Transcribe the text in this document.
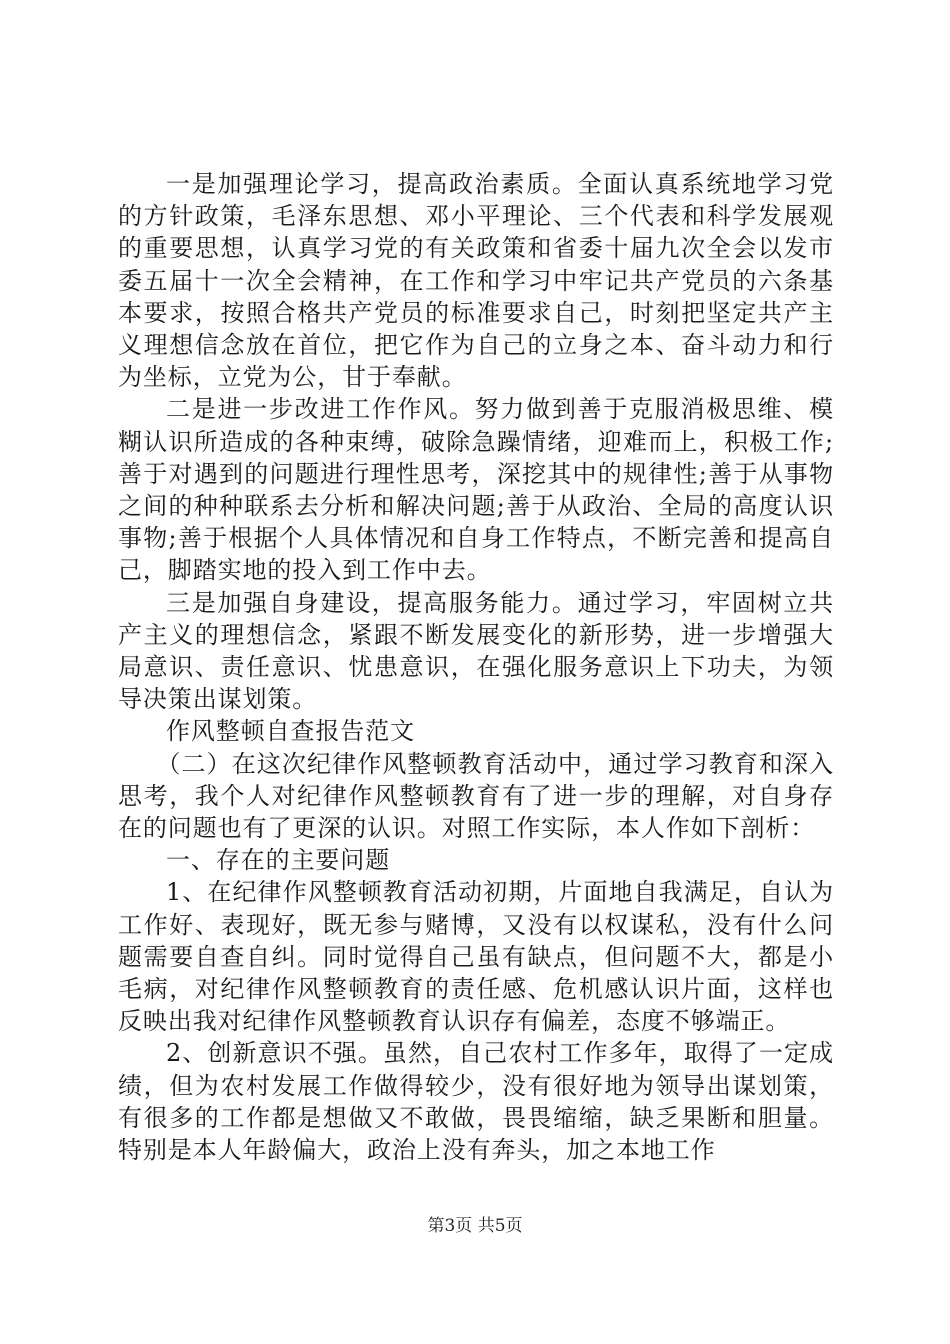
一是加强理论学习，提高政治素质。全面认真系统地学习党的方针政策，毛泽东思想、邓小平理论、三个代表和科学发展观的重要思想，认真学习党的有关政策和省委十届九次全会以发市委五届十一次全会精神，在工作和学习中牢记共产党员的六条基本要求，按照合格共产党员的标准要求自己，时刻把坚定共产主义理想信念放在首位，把它作为自己的立身之本、奋斗动力和行为坐标，立党为公，甘于奉献。

二是进一步改进工作作风。努力做到善于克服消极思维、模糊认识所造成的各种束缚，破除急躁情绪，迎难而上，积极工作;善于对遇到的问题进行理性思考，深挖其中的规律性;善于从事物之间的种种联系去分析和解决问题;善于从政治、全局的高度认识事物;善于根据个人具体情况和自身工作特点，不断完善和提高自己，脚踏实地的投入到工作中去。

三是加强自身建设，提高服务能力。通过学习，牢固树立共产主义的理想信念，紧跟不断发展变化的新形势，进一步增强大局意识、责任意识、忧患意识，在强化服务意识上下功夫，为领导决策出谋划策。

作风整顿自查报告范文

（二）在这次纪律作风整顿教育活动中，通过学习教育和深入思考，我个人对纪律作风整顿教育有了进一步的理解，对自身存在的问题也有了更深的认识。对照工作实际，本人作如下剖析：

一、存在的主要问题

1、在纪律作风整顿教育活动初期，片面地自我满足，自认为工作好、表现好，既无参与赌博，又没有以权谋私，没有什么问题需要自查自纠。同时觉得自己虽有缺点，但问题不大，都是小毛病，对纪律作风整顿教育的责任感、危机感认识片面，这样也反映出我对纪律作风整顿教育认识存有偏差，态度不够端正。

2、创新意识不强。虽然，自己农村工作多年，取得了一定成绩，但为农村发展工作做得较少，没有很好地为领导出谋划策，有很多的工作都是想做又不敢做，畏畏缩缩，缺乏果断和胆量。特别是本人年龄偏大，政治上没有奔头，加之本地工作

第3页 共5页
